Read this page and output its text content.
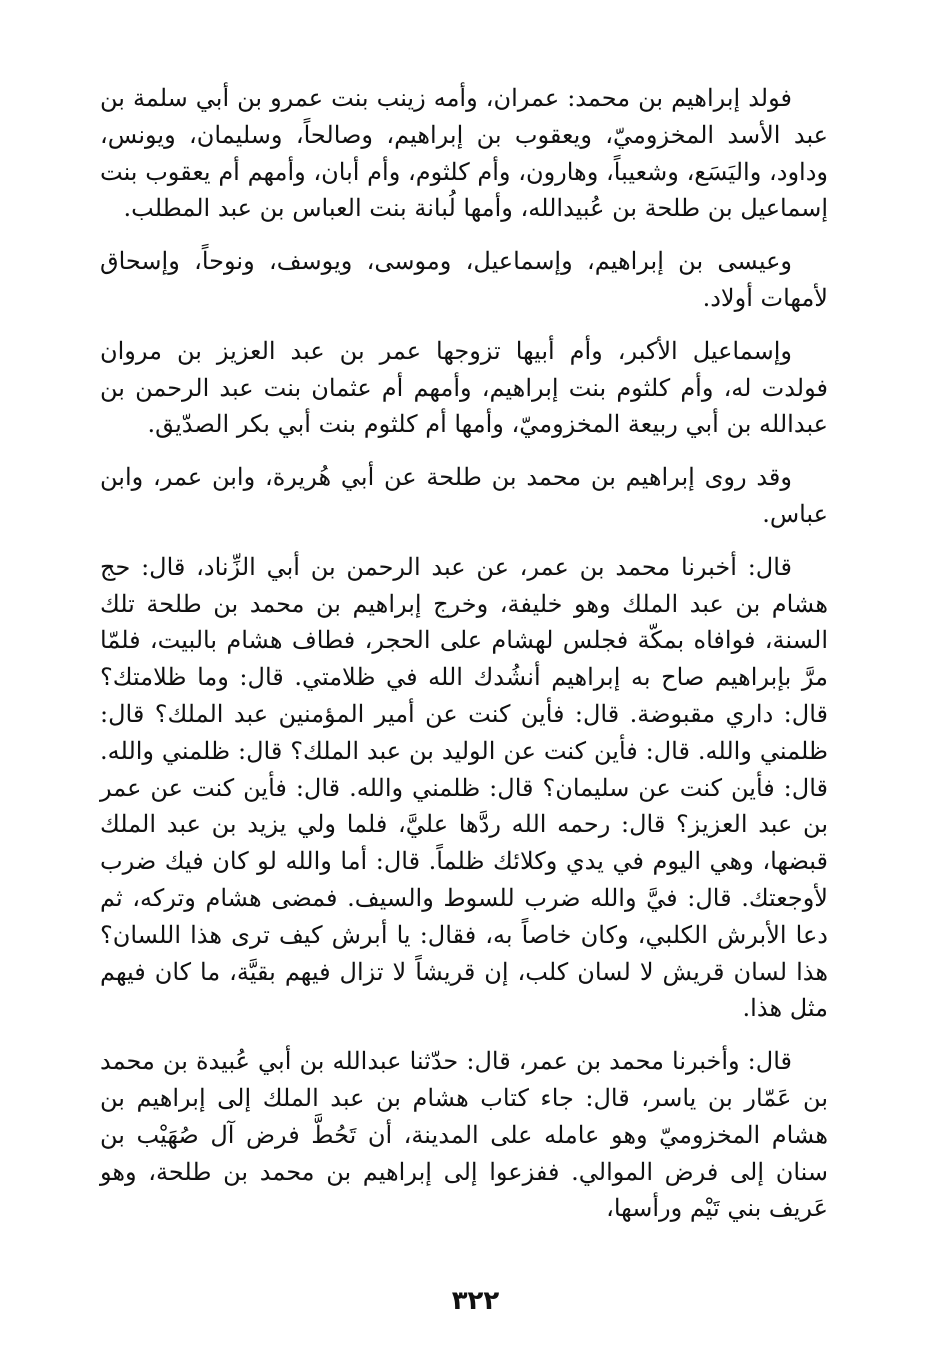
فولد إبراهيم بن محمد: عمران، وأمه زينب بنت عمرو بن أبي سلمة بن عبد الأسد المخزوميّ، ويعقوب بن إبراهيم، وصالحاً، وسليمان، ويونس، وداود، واليَسَع، وشعيباً، وهارون، وأم كلثوم، وأم أبان، وأمهم أم يعقوب بنت إسماعيل بن طلحة بن عُبيدالله، وأمها لُبانة بنت العباس بن عبد المطلب.

وعيسى بن إبراهيم، وإسماعيل، وموسى، ويوسف، ونوحاً، وإسحاق لأمهات أولاد.

وإسماعيل الأكبر، وأم أبيها تزوجها عمر بن عبد العزيز بن مروان فولدت له، وأم كلثوم بنت إبراهيم، وأمهم أم عثمان بنت عبد الرحمن بن عبدالله بن أبي ربيعة المخزوميّ، وأمها أم كلثوم بنت أبي بكر الصدّيق.

وقد روى إبراهيم بن محمد بن طلحة عن أبي هُريرة، وابن عمر، وابن عباس.

قال: أخبرنا محمد بن عمر، عن عبد الرحمن بن أبي الزِّناد، قال: حج هشام بن عبد الملك وهو خليفة، وخرج إبراهيم بن محمد بن طلحة تلك السنة، فوافاه بمكّة فجلس لهشام على الحجر، فطاف هشام بالبيت، فلمّا مرَّ بإبراهيم صاح به إبراهيم أنشُدك الله في ظلامتي. قال: وما ظلامتك؟ قال: داري مقبوضة. قال: فأين كنت عن أمير المؤمنين عبد الملك؟ قال: ظلمني والله. قال: فأين كنت عن الوليد بن عبد الملك؟ قال: ظلمني والله. قال: فأين كنت عن سليمان؟ قال: ظلمني والله. قال: فأين كنت عن عمر بن عبد العزيز؟ قال: رحمه الله ردَّها عليَّ، فلما ولي يزيد بن عبد الملك قبضها، وهي اليوم في يدي وكلائك ظلماً. قال: أما والله لو كان فيك ضرب لأوجعتك. قال: فيَّ والله ضرب للسوط والسيف. فمضى هشام وتركه، ثم دعا الأبرش الكلبي، وكان خاصاً به، فقال: يا أبرش كيف ترى هذا اللسان؟ هذا لسان قريش لا لسان كلب، إن قريشاً لا تزال فيهم بقيَّة، ما كان فيهم مثل هذا.

قال: وأخبرنا محمد بن عمر، قال: حدّثنا عبدالله بن أبي عُبيدة بن محمد بن عَمّار بن ياسر، قال: جاء كتاب هشام بن عبد الملك إلى إبراهيم بن هشام المخزوميّ وهو عامله على المدينة، أن تَحُطَّ فرض آل صُهَيْب بن سنان إلى فرض الموالي. ففزعوا إلى إبراهيم بن محمد بن طلحة، وهو عَريف بني تَيْم ورأسها،

٣٢٢
